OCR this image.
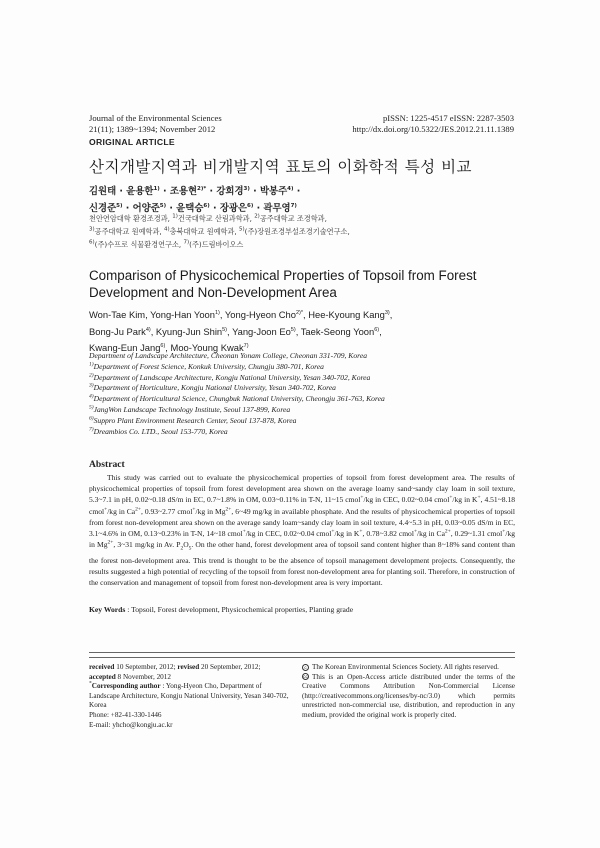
Journal of the Environmental Sciences
21(11); 1389~1394; November 2012
pISSN: 1225-4517 eISSN: 2287-3503
http://dx.doi.org/10.5322/JES.2012.21.11.1389
ORIGINAL ARTICLE
산지개발지역과 비개발지역 표토의 이화학적 특성 비교
김원태 · 윤용한$^{1)}$ · 조용현$^{2)*}$ · 강희경$^{3)}$ · 박봉주$^{4)}$ ·
신경준$^{5)}$ · 어양준$^{5)}$ · 윤택승$^{6)}$ · 장광은$^{6)}$ · 곽무영$^{7)}$
천안연암대학 환경조경과, $^{1)}$건국대학교 산림과학과, $^{2)}$공주대학교 조경학과,
$^{3)}$공주대학교 원예학과, $^{4)}$충북대학교 원예학과, $^{5)}$(주)장원조경부설조경기술연구소,
$^{6)}$(주)수프로 식물환경연구소, $^{7)}$(주)드림바이오스
Comparison of Physicochemical Properties of Topsoil from Forest Development and Non-Development Area
Won-Tae Kim, Yong-Han Yoon$^{1)}$, Yong-Hyeon Cho$^{2)*}$, Hee-Kyoung Kang$^{3)}$,
Bong-Ju Park$^{4)}$, Kyung-Jun Shin$^{5)}$, Yang-Joon Eo$^{5)}$, Taek-Seong Yoon$^{6)}$,
Kwang-Eun Jang$^{6)}$, Moo-Young Kwak$^{7)}$
Department of Landscape Architecture, Cheonan Yonam College, Cheonan 331-709, Korea
$^{1)}$Department of Forest Science, Konkuk University, Chungju 380-701, Korea
$^{2)}$Department of Landscape Architecture, Kongju National University, Yesan 340-702, Korea
$^{3)}$Department of Horticulture, Kongju National University, Yesan 340-702, Korea
$^{4)}$Department of Horticultural Science, Chungbuk National University, Cheongju 361-763, Korea
$^{5)}$JangWon Landscape Technology Institute, Seoul 137-899, Korea
$^{6)}$Suppro Plant Environment Research Center, Seoul 137-878, Korea
$^{7)}$Dreambios Co. LTD., Seoul 153-770, Korea
Abstract
This study was carried out to evaluate the physicochemical properties of topsoil from forest development area. The results of physicochemical properties of topsoil from forest development area shown on the average loamy sand~sandy clay loam in soil texture, 5.3~7.1 in pH, 0.02~0.18 dS/m in EC, 0.7~1.8% in OM, 0.03~0.11% in T-N, 11~15 cmol+/kg in CEC, 0.02~0.04 cmol+/kg in K+, 4.51~8.18 cmol+/kg in $Ca^{2+}$, 0.93~2.77 cmol+/kg in $Mg^{2+}$, 6~49 mg/kg in available phosphate. And the results of physicochemical properties of topsoil from forest non-development area shown on the average sandy loam~sandy clay loam in soil texture, 4.4~5.3 in pH, 0.03~0.05 dS/m in EC, 3.1~4.6% in OM, 0.13~0.23% in T-N, 14~18 cmol+/kg in CEC, 0.02~0.04 cmol+/kg in K+, 0.78~3.82 cmol+/kg in $Ca^{2+}$, 0.29~1.31 cmol+/kg in $Mg^{2+}$, 3~31 mg/kg in Av. $P_2O_5$. On the other hand, forest development area of topsoil sand content higher than 8~18% sand content than the forest non-development area. This trend is thought to be the absence of topsoil management development projects. Consequently, the results suggested a high potential of recycling of the topsoil from forest non-development area for planting soil. Therefore, in construction of the conservation and management of topsoil from forest non-development area is very important.
Key Words : Topsoil, Forest development, Physicochemical properties, Planting grade
received 10 September, 2012; revised 20 September, 2012;
accepted 8 November, 2012
*Corresponding author : Yong-Hyeon Cho, Department of Landscape Architecture, Kongju National University, Yesan 340-702, Korea
Phone: +82-41-330-1446
E-mail: yhcho@kongju.ac.kr
c The Korean Environmental Sciences Society. All rights reserved.
cc This is an Open-Access article distributed under the terms of the Creative Commons Attribution Non-Commercial License (http://creativecommons.org/licenses/by-nc/3.0) which permits unrestricted non-commercial use, distribution, and reproduction in any medium, provided the original work is properly cited.
